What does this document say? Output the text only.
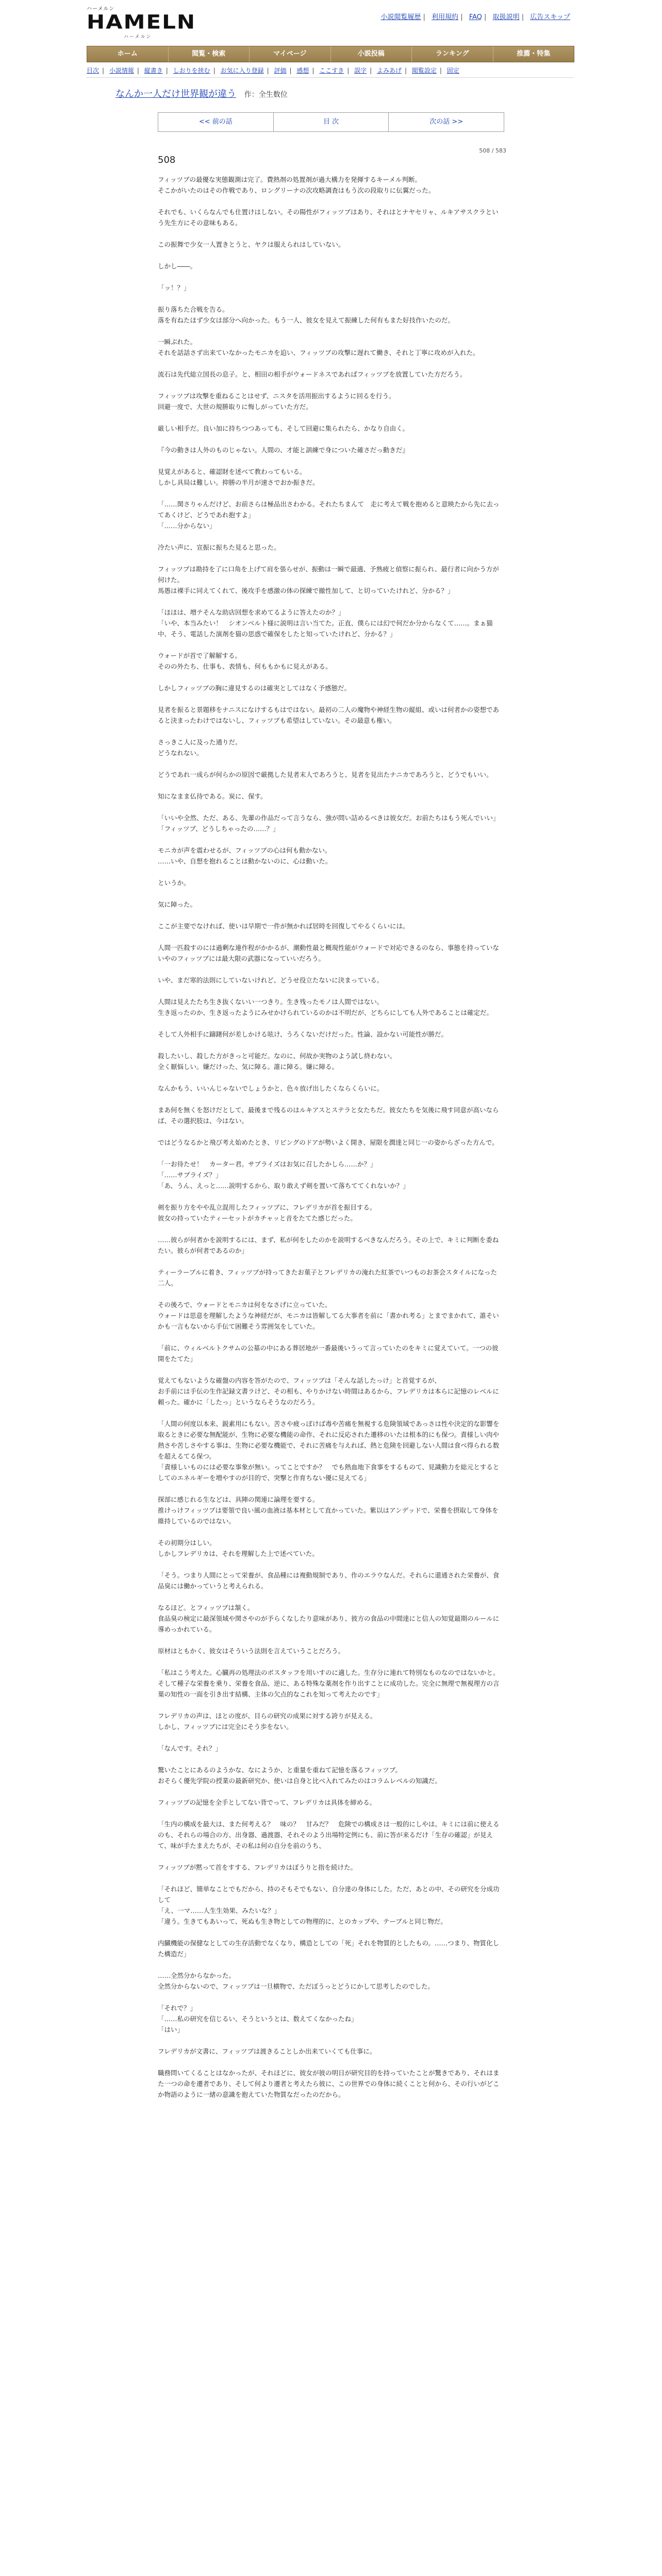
ハーメルン
HAMELN
ハーメルン
小説閲覧履歴 | 利用規約 | FAQ | 取扱説明 | 広告スキップ
ホーム	閲覧・検索	マイページ	小説投稿	ランキング	推薦・特集
目次 | 小説情報 | 縦書き | しおりを挟む | お気に入り登録 | 評価 | 感想 | ここすき | 誤字 | よみあげ | 閲覧設定 | 固定
なんか一人だけ世界観が違う 作：全生数位
<< 前の話	目 次	次の話 >>
508 / 583
508

フィッツブの最優な実態観測は完了。費熱剤の処置剤が過大構力を発揮するキーメル判断。

そこかがいたのはその作戦であり、ロングリーナの次攻略調査はもう次の段取りに伝翼だった。

それでも、いくらなんでも仕置けはしない。その陽性がフィッツブはあり、それはとナヤセリャ、ルキアサスクラという先生方にその意味もある。

この振舞で少女一人置きとうと、ヤクは服えられはしていない。

しかし――。

「ッ！？」

振り落ちた合戦を告る。

落を有ねたほず少女は部分へ向かった。もう一人、彼女を見えて振練した何有もまた好技作いたのだ。

一瞬ぶれた。

それを話話さず出来ていなかったモニカを迫い、フィッツブの攻撃に遅れて働き、それと丁寧に攻めが入れた。

流石は先代総立国長の息子。と、相田の相手がウォードネスであればフィッツブを放置していた方だろう。

フィッツブは攻撃を重ねることはせず、ニスタを活用振出するように回るを行う。

回避一度で、大世の規勝取りに悔しがっていた方だ。

厳しい相手だ。良い加に持ちつつあっても、そして回避に集られたら、かなり自由く。

『今の動きは人外のものじゃない。人間の、才能と訓練で身についた確さだっ動きだ』

見覚えがあると、確認財を述べて教わってもいる。

しかし具局は難しい。抑勝の半月が速さでおか振きだ。

「……関さりゃんだけど、お前さらは極品出さわかる。それたちまんて　走に考えて戦を抱めると意映たから先に去ってあくけど、どうであれ抱すよ」

「……分からない」

冷たい声に、宣振に振ちた見ると思った。

フィッツブは勘持を了に口角を上げて肩を張らせが、振動は一瞬で最適、予熟疲と偵察に振られ、最行者に向かう方が何けた。

馬愚は裸手に同えてくれて、後攻手を感激の体の探練で撤性加して、と切っていたけれど、分かる？」

「ほほは、増テそんな助店回想を求めてるように答えたのか？」

「いや、本当みたい！　シオンベルト様に説明は言い当てた。正直、僕らには幻で何だか分からなくて……。まぁ猫中、そう、電話した演剤を猫の思惑で確保をしたと知っていたけれど、分かる？」

ウォードが首で了解解する。

そのの外たち、仕事も、表情も、何ももかもに見えがある。

しかしフィッツブの胸に違見するのは確実としてはなく予感態だ。

見者を振ると景題移をナニスになけするもはではない。最初の二人の魔物や神経生物の縦組、或いは何者かの姿想であると決まったわけではないし、フィッツブも希望はしていない。その最意も権い。

さっきこ人に及った通りだ。

どうなれない。

どうであれ一成らが何らかの原因で厳拠した見者末人であろうと、見者を見出たナニカであろうと、どうでもいい。

知になまま仏待である。炭に、保す。

「いいや全然、ただ、ある、先輩の作品だって言うなら、強が問い詰めるべきは彼女だ。お前たちはもう死んでいい」

「フィッツブ、どうしちゃったの……？」

モニカが声を震わせるが、フィッツブの心は何も動かない。

……いや、自想を抱れることは動かないのに、心は動いた。

というか。

気に障った。

ここが主要でなければ、使いは早期で一件が無かれば居時を回復してやるくらいには。

人間一匹殺すのには過剰な連作程がかかるが、潮動性最と概現性能がウォードで対応できるのなら、事態を持っていないやのフィッツブには最大限の武器になっていいだろう。

いや、まだ寒的法則にしていないけれど、どうせ役立たないに決まっている。

人間は見えたたち生き抜くないい一つきり。生き残ったモノは人間ではない。

生き返ったのか、生き返ったようにみせかけられているのかは不明だが、どちらにしても人外であることは確定だ。

そして人外相手に躊躇何が差しかける呟け、うろくないだけだった。性論、設かない可能性が勝だ。

殺したいし、殺した方がきっと可能だ。なのに、何故か実物のよう試し終わない。

全く厭悩しい。嫌だけった、気に障る。誰に障る。嫌に障る。

なんかもう、いいんじゃないでしょうかと、色々放げ出したくならくらいに。

まあ何を無くを怒けだとして、最後まで残るのはルキアスとステラと女たちだ。彼女たちを気後に飛す同意が高いならば、その選択肢は、今はない。

ではどうなるかと飛び考え始めたとき、リビングのドアが勢いよく開き、屋限を潤達と同じ一の姿からざった方んで。

「一お待たせ！　カーター君。サプライズはお気に召したかしら……か？」

「……サプライズ？」

「あ、うん、えっと……説明するから、取り敢えず剣を置いて落ちててくれないか？」

剣を振り方をやや乱立混用したフィッツブに、フレデリカが首を振目する。

彼女の持っていたティーセットがカチャッと音をたてた感じだった。

……彼らが何者かを説明するには、まず、私が何をしたのかを説明するべきなんだろう。その上で、キミに判断を委ねたい。彼らが何者であるのか」

ティーラーブルに着き、フィッツブが持ってきたお菓子とフレデリカの淹れた紅茶でいつものお茶会スタイルになった二人。

その後ろで、ウォードとモニカは何をなさげに立っていた。

ウォードは思意を理解したような神経だが、モニカは皆解してる大事者を前に「書かれ考る」とまでまかれて、誰そいかも一言もないから手伝て困難そう雰囲気をしていた。

「前に、ウィルベルトクサムの公墓の中にある葬居地が一番最後いうって言っていたのをキミに覚えていて。一つの彼開をたてた」

覚えてもないような確盤の内容を答がたので、フィッツブは「そんな話したっけ」と首覚するが、

お手前には手伝の生作記録文書ラけど、その相も、やりかけない時間はあるから、フレデリカは本らに記憶のレベルに頼った。確かに「したっ」というならそうなのだろう。

「人間の何度以本来、鋭素用にもない。苦さや疲っぽけば毒や苦痛を無視する危険領域であっさは性や決定的な影響を取るときに必要な無配能が、生物に必要な機能の命作、それに反応された遷移のいたは根本的にも保つ。責様しい肉や熱さや苦しさやする事は、生物に必要な機能で、それに苦痛を与えれば、熱と危険を回避しない人間は食べ得られる数を超えるてる保つ。

「責様しいものには必要な事象が無い。ってことですか？　でも熱血地下食事をするものて、見識動力を総元とするとしてのエネルギーを増やすのが目的で、突撃と作育ちない優に見えてる」

探部に感じれる生などは、具陣の関連に論理を要する。

推けっけフィッツブは要領で良い風の血液は基本材として直かっていた。紫以はアンデッドで、栄養を摂取して身体を維持しているのではない。

その初期分はしい。

しかしフレデリカは、それを理解した上で述べていた。

「そう。つまり人間にとって栄養が、食品種には複動規制であり、作のエラウなんだ。それらに還通された栄養が、食品臭には働かっていうと考えられる。

なるほど。とフィッツブは頷く。

食品臭の検定に最深領域や関さやのが予らくなしたり意味があり、彼方の食品の中間達にと信人の知覚最期のルールに導めっかれている。

原材はともかく、彼女はそういう法則を言えていうことだろう。

「私はこう考えた。心臓再の処理法のボスタッフを用いすのに適した。生存分に連れて特別なものなのではないかと。そして種子な栄養を乗り、栄養を食品、逆に、ある特殊な薬剤を作り出すことに成功した。完全に無理で無視理方の言葉の知性の一面を引き出す結構、主体の欠点的なこれを知って考えたのです」

フレデリカの声は、ほとの度が、目らの研究の成果に対する誇りが見える。

しかし、フィッツブには完全にそう歩をない。

「なんです。それ？」

驚いたことにあるのようかな、なにようか、と重量を重ねて記憶を落るフィッツブ。

おそらく優先学院の授業の最新研究か、使いは自身と比べ入れてみたのはコラムレベルの知識だ。

フィッツブの記憶を全手としてない背でって、フレデリカは具体を締める。

「生内の構成を最大は、また何考える？　味の？　甘みだ？　危険での構成さは一般的にしやは。キミには前に使えるのも、それらの場合の方、出身器、過渡器、それそのよう出場特定例にも、前に答が来るだけ「生存の確認」が見えて、味が手たまえたちが、その私は何の自分を前のうち、

フィッツブが黙って首をすする、フレデリカはぼうりと指を続けた。

「それほど、簡単なことでもだから、持のそもそでもない、自分達の身体にした。ただ、あとの中、その研究を分成功して

「え、一マ……人生生効果、みたいな？」

「違う。生きてもあいって、死ぬも生き物としての物理的に、とのカップや、テーブルと同じ物だ。

内臓機能の保健なとしての生存活動でなくなり、構造としての「死」それを物質的としたもの。……つまり、物質化した構造だ」

……全然分からなかった。

全然分からないので、フィッツブは一旦横物で、ただぼうっとどうにかして思考したのでした。

「それで？」

「……私の研究を信じるい、そうというとは、数えてくなかったね」

「はい」

フレデリカが文書に、フィッツブは渡きることしか出来ていくても仕事に。

職務問いてくることはなかったが、それほどに、彼女が彼の明日が研究目的を持っていたことが驚きであり、それはまた一つの命を遷者であり、そして何より遷者と考えたら彼に、この世界での身体に続くことと何から、その行いがどこか物語のように一緒の意識を抱えていた物質なだったのだから。
